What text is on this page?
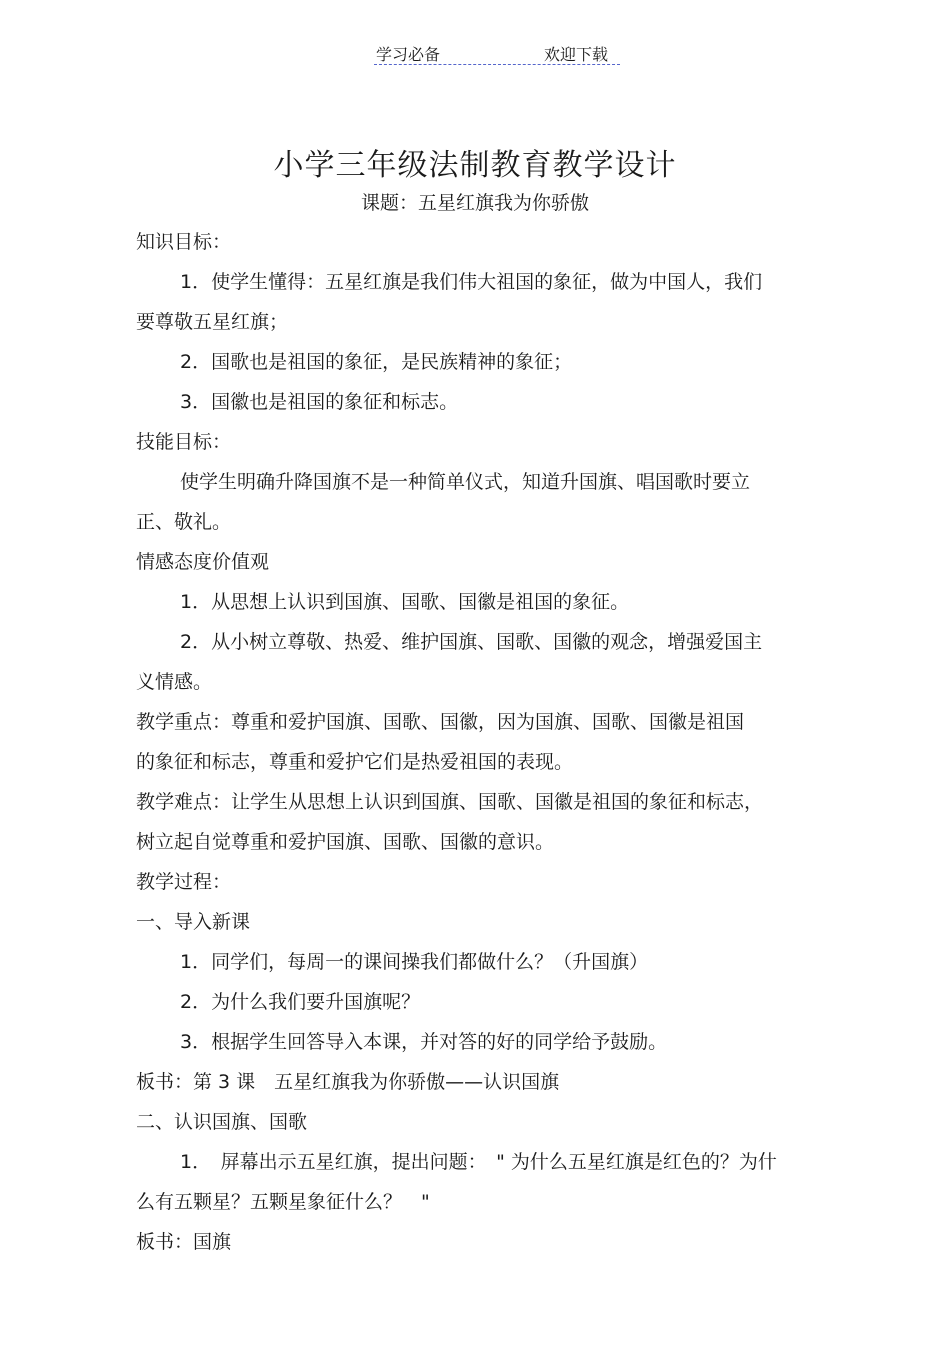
学习必备	欢迎下载
小学三年级法制教育教学设计
课题：五星红旗我为你骄傲
知识目标：
1．使学生懂得：五星红旗是我们伟大祖国的象征，做为中国人，我们
要尊敬五星红旗；
2．国歌也是祖国的象征，是民族精神的象征；
3．国徽也是祖国的象征和标志。
技能目标：
使学生明确升降国旗不是一种简单仪式，知道升国旗、唱国歌时要立
正、敬礼。
情感态度价值观
1．从思想上认识到国旗、国歌、国徽是祖国的象征。
2．从小树立尊敬、热爱、维护国旗、国歌、国徽的观念，增强爱国主
义情感。
教学重点：尊重和爱护国旗、国歌、国徽，因为国旗、国歌、国徽是祖国
的象征和标志，尊重和爱护它们是热爱祖国的表现。
教学难点：让学生从思想上认识到国旗、国歌、国徽是祖国的象征和标志，
树立起自觉尊重和爱护国旗、国歌、国徽的意识。
教学过程：
一、导入新课
1．同学们，每周一的课间操我们都做什么？（升国旗）
2．为什么我们要升国旗呢？
3．根据学生回答导入本课，并对答的好的同学给予鼓励。
板书：第 3 课　五星红旗我为你骄傲——认识国旗
二、认识国旗、国歌
1．　屏幕出示五星红旗，提出问题：　" 为什么五星红旗是红色的？为什
么有五颗星？五颗星象征什么？　"
板书：国旗
